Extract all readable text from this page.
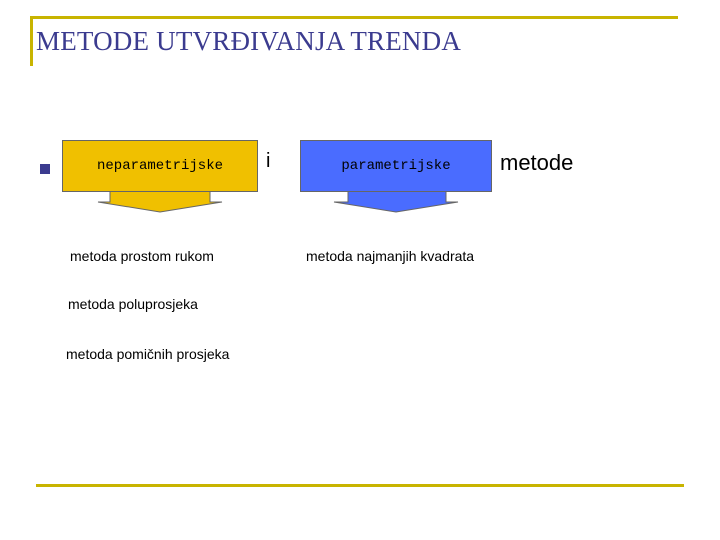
METODE UTVRĐIVANJA TRENDA
neparametrijske	i	parametrijske	metode
metoda prostom rukom
metoda poluprosjeka
metoda pomičnih prosjeka
metoda najmanjih kvadrata
